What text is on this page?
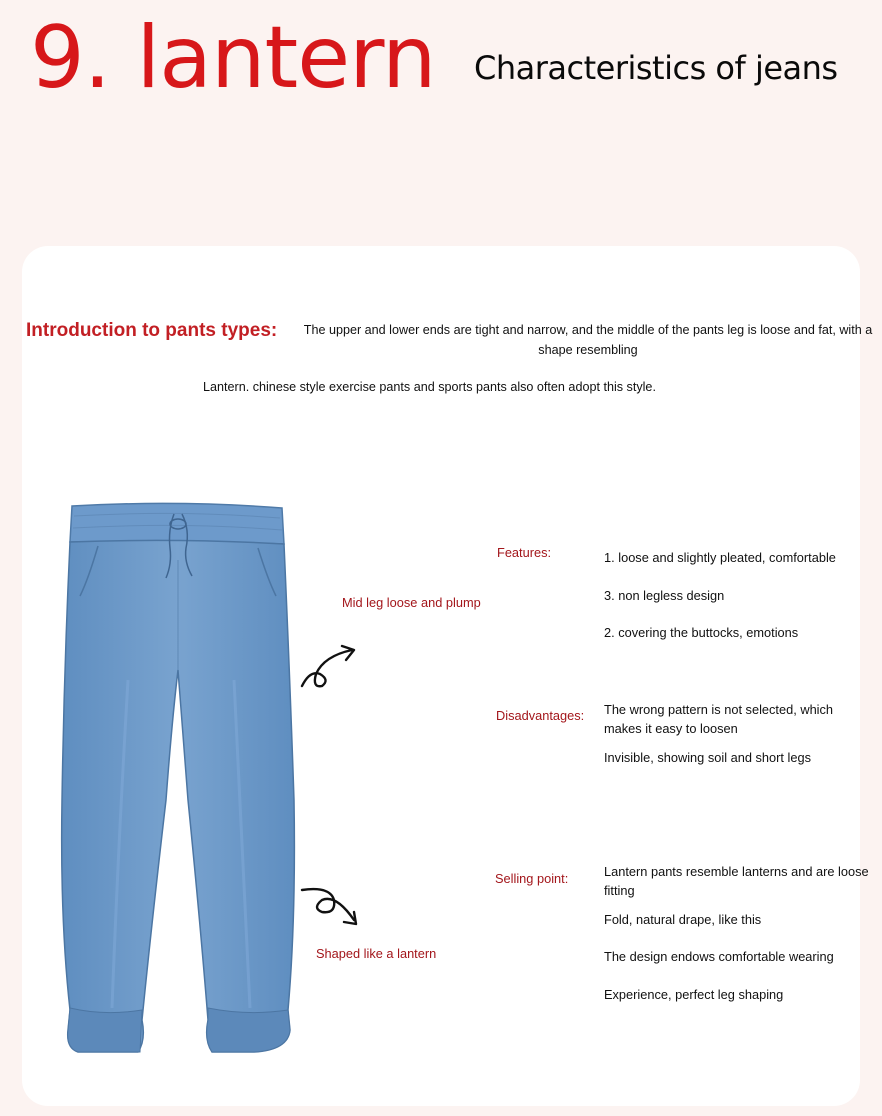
9. lantern Characteristics of jeans
Introduction to pants types:	The upper and lower ends are tight and narrow, and the middle of the pants leg is loose and fat, with a shape resembling
Lantern. chinese style exercise pants and sports pants also often adopt this style.
Mid leg loose and plump
Shaped like a lantern
Features:	1. loose and slightly pleated, comfortable
3. non legless design
2. covering the buttocks, emotions
Disadvantages: The wrong pattern is not selected, which makes it easy to loosen
Invisible, showing soil and short legs
Selling point:	Lantern pants resemble lanterns and are loose fitting
Fold, natural drape, like this
The design endows comfortable wearing
Experience, perfect leg shaping
